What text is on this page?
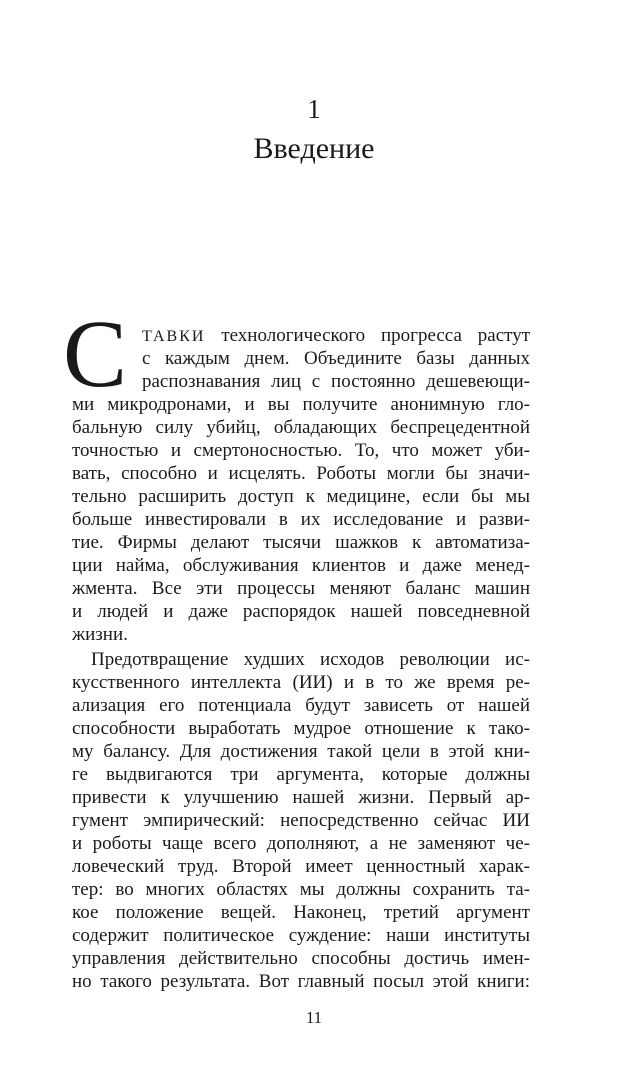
1
Введение
С ТАВКИ технологического прогресса растут
с каждым днем. Объедините базы данных
распознавания лиц с постоянно дешевеющи-
ми микродронами, и вы получите анонимную гло-
бальную силу убийц, обладающих беспрецедентной
точностью и смертоносностью. То, что может уби-
вать, способно и исцелять. Роботы могли бы значи-
тельно расширить доступ к медицине, если бы мы
больше инвестировали в их исследование и разви-
тие. Фирмы делают тысячи шажков к автоматиза-
ции найма, обслуживания клиентов и даже менед-
жмента. Все эти процессы меняют баланс машин
и людей и даже распорядок нашей повседневной
жизни.
Предотвращение худших исходов революции ис-
кусственного интеллекта (ИИ) и в то же время ре-
ализация его потенциала будут зависеть от нашей
способности выработать мудрое отношение к тако-
му балансу. Для достижения такой цели в этой кни-
ге выдвигаются три аргумента, которые должны
привести к улучшению нашей жизни. Первый ар-
гумент эмпирический: непосредственно сейчас ИИ
и роботы чаще всего дополняют, а не заменяют че-
ловеческий труд. Второй имеет ценностный харак-
тер: во многих областях мы должны сохранить та-
кое положение вещей. Наконец, третий аргумент
содержит политическое суждение: наши институты
управления действительно способны достичь имен-
но такого результата. Вот главный посыл этой книги:
11
